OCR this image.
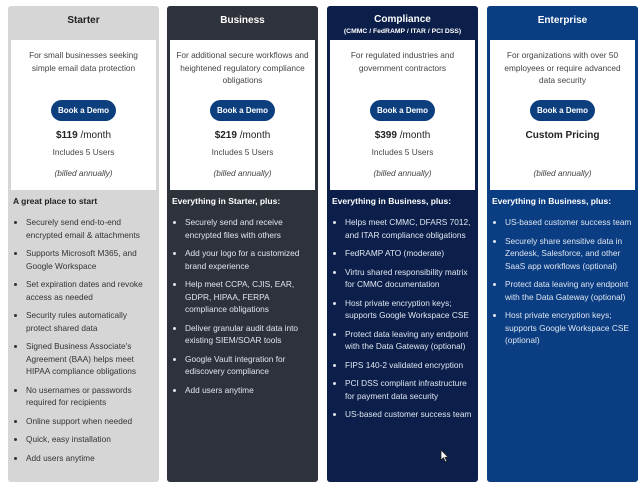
Starter
For small businesses seeking simple email data protection
Book a Demo
$119 /month
Includes 5 Users
(billed annually)
A great place to start
• Securely send end-to-end encrypted email & attachments
• Supports Microsoft M365, and Google Workspace
• Set expiration dates and revoke access as needed
• Security rules automatically protect shared data
• Signed Business Associate's Agreement (BAA) helps meet HIPAA compliance obligations
• No usernames or passwords required for recipients
• Online support when needed
• Quick, easy installation
• Add users anytime
Business
For additional secure workflows and heightened regulatory compliance obligations
Book a Demo
$219 /month
Includes 5 Users
(billed annually)
Everything in Starter, plus:
• Securely send and receive encrypted files with others
• Add your logo for a customized brand experience
• Help meet CCPA, CJIS, EAR, GDPR, HIPAA, FERPA compliance obligations
• Deliver granular audit data into existing SIEM/SOAR tools
• Google Vault integration for ediscovery compliance
• Add users anytime
Compliance
(CMMC / FedRAMP / ITAR / PCI DSS)
For regulated industries and government contractors
Book a Demo
$399 /month
Includes 5 Users
(billed annually)
Everything in Business, plus:
• Helps meet CMMC, DFARS 7012, and ITAR compliance obligations
• FedRAMP ATO (moderate)
• Virtru shared responsibility matrix for CMMC documentation
• Host private encryption keys; supports Google Workspace CSE
• Protect data leaving any endpoint with the Data Gateway (optional)
• FIPS 140-2 validated encryption
• PCI DSS compliant infrastructure for payment data security
• US-based customer success team
Enterprise
For organizations with over 50 employees or require advanced data security
Book a Demo
Custom Pricing
(billed annually)
Everything in Business, plus:
• US-based customer success team
• Securely share sensitive data in Zendesk, Salesforce, and other SaaS app workflows (optional)
• Protect data leaving any endpoint with the Data Gateway (optional)
• Host private encryption keys; supports Google Workspace CSE (optional)
